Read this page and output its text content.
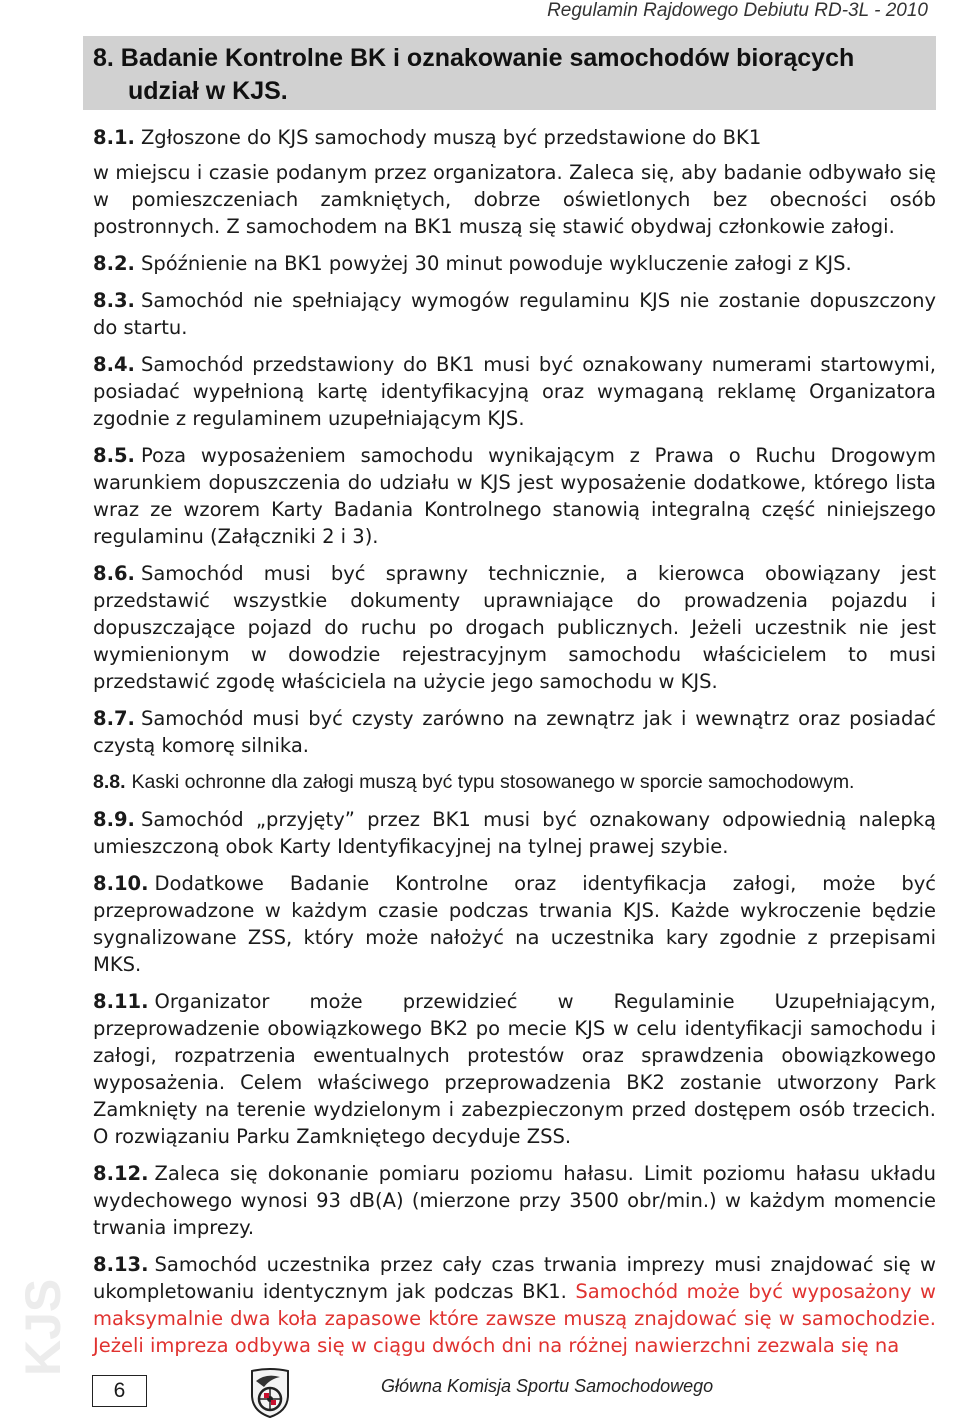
Regulamin Rajdowego Debiutu RD-3L - 2010
8. Badanie Kontrolne BK i oznakowanie samochodów biorących
udział w KJS.

8.1. Zgłoszone do KJS samochody muszą być przedstawione do BK1

w miejscu i czasie podanym przez organizatora. Zaleca się, aby badanie odbywało się w pomieszczeniach zamkniętych, dobrze oświetlonych bez obecności osób postronnych. Z samochodem na BK1 muszą się stawić obydwaj członkowie załogi.

8.2. Spóźnienie na BK1 powyżej 30 minut powoduje wykluczenie załogi z KJS.

8.3. Samochód nie spełniający wymogów regulaminu KJS nie zostanie dopuszczony do startu.

8.4. Samochód przedstawiony do BK1 musi być oznakowany numerami startowymi, posiadać wypełnioną kartę identyfikacyjną oraz wymaganą reklamę Organizatora zgodnie z regulaminem uzupełniającym KJS.

8.5. Poza wyposażeniem samochodu wynikającym z Prawa o Ruchu Drogowym warunkiem dopuszczenia do udziału w KJS jest wyposażenie dodatkowe, którego lista wraz ze wzorem Karty Badania Kontrolnego stanowią integralną część niniejszego regulaminu (Załączniki 2 i 3).

8.6. Samochód musi być sprawny technicznie, a kierowca obowiązany jest przedstawić wszystkie dokumenty uprawniające do prowadzenia pojazdu i dopuszczające pojazd do ruchu po drogach publicznych. Jeżeli uczestnik nie jest wymienionym w dowodzie rejestracyjnym samochodu właścicielem to musi przedstawić zgodę właściciela na użycie jego samochodu w KJS.

8.7. Samochód musi być czysty zarówno na zewnątrz jak i wewnątrz oraz posiadać czystą komorę silnika.

8.8. Kaski ochronne dla załogi muszą być typu stosowanego w sporcie samochodowym.

8.9. Samochód „przyjęty” przez BK1 musi być oznakowany odpowiednią nalepką umieszczoną obok Karty Identyfikacyjnej na tylnej prawej szybie.

8.10. Dodatkowe Badanie Kontrolne oraz identyfikacja załogi, może być przeprowadzone w każdym czasie podczas trwania KJS. Każde wykroczenie będzie sygnalizowane ZSS, który może nałożyć na uczestnika kary zgodnie z przepisami MKS.

8.11. Organizator może przewidzieć w Regulaminie Uzupełniającym, przeprowadzenie obowiązkowego BK2 po mecie KJS w celu identyfikacji samochodu i załogi, rozpatrzenia ewentualnych protestów oraz sprawdzenia obowiązkowego wyposażenia. Celem właściwego przeprowadzenia BK2 zostanie utworzony Park Zamknięty na terenie wydzielonym i zabezpieczonym przed dostępem osób trzecich. O rozwiązaniu Parku Zamkniętego decyduje ZSS.

8.12. Zaleca się dokonanie pomiaru poziomu hałasu. Limit poziomu hałasu układu wydechowego wynosi 93 dB(A) (mierzone przy 3500 obr/min.) w każdym momencie trwania imprezy.

8.13. Samochód uczestnika przez cały czas trwania imprezy musi znajdować się w ukompletowaniu identycznym jak podczas BK1. Samochód może być wyposażony w maksymalnie dwa koła zapasowe które zawsze muszą znajdować się w samochodzie. Jeżeli impreza odbywa się w ciągu dwóch dni na różnej nawierzchni zezwala się na

KJS
6	Główna Komisja Sportu Samochodowego
